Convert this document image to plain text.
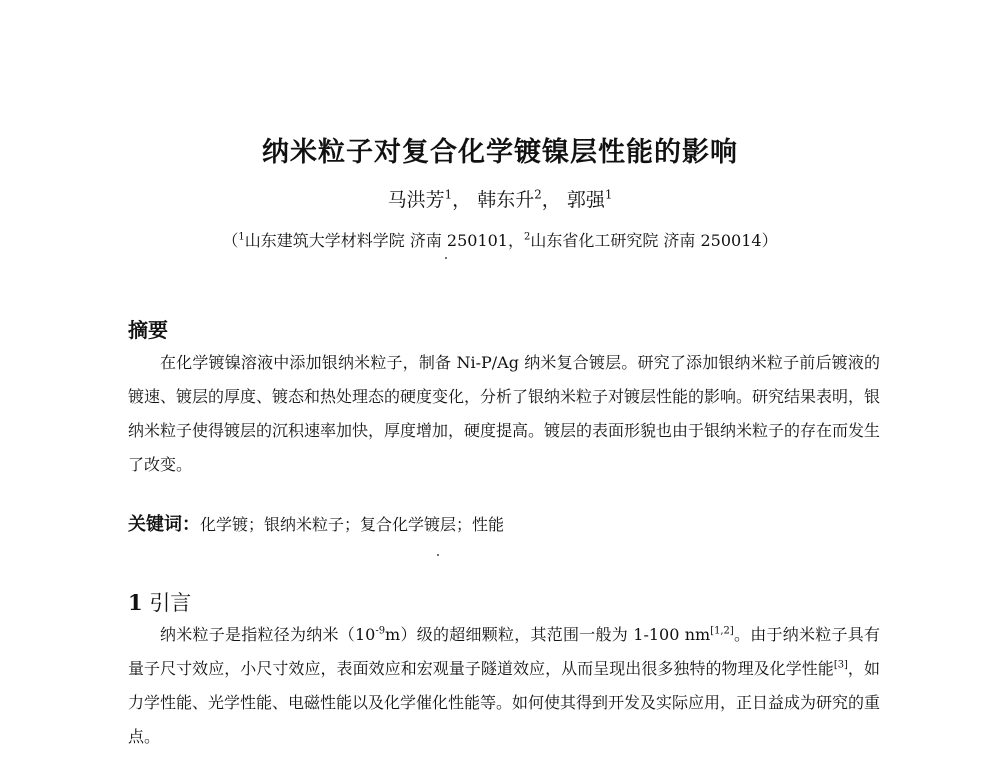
纳米粒子对复合化学镀镍层性能的影响
马洪芳$^1$， 韩东升$^2$， 郭强$^1$
（$^1$山东建筑大学材料学院 济南 250101，$^2$山东省化工研究院 济南 250014）
摘要
在化学镀镍溶液中添加银纳米粒子，制备 Ni-P/Ag 纳米复合镀层。研究了添加银纳米粒子前后镀液的镀速、镀层的厚度、镀态和热处理态的硬度变化，分析了银纳米粒子对镀层性能的影响。研究结果表明，银纳米粒子使得镀层的沉积速率加快，厚度增加，硬度提高。镀层的表面形貌也由于银纳米粒子的存在而发生了改变。
关键词：化学镀；银纳米粒子；复合化学镀层；性能
1 引言
纳米粒子是指粒径为纳米$(10^{-9}m)$级的超细颗粒，其范围一般为 1-100 nm[1,2]。由于纳米粒子具有量子尺寸效应，小尺寸效应，表面效应和宏观量子隧道效应，从而呈现出很多独特的物理及化学性能[3]，如力学性能、光学性能、电磁性能以及化学催化性能等。如何使其得到开发及实际应用，正日益成为研究的重点。
